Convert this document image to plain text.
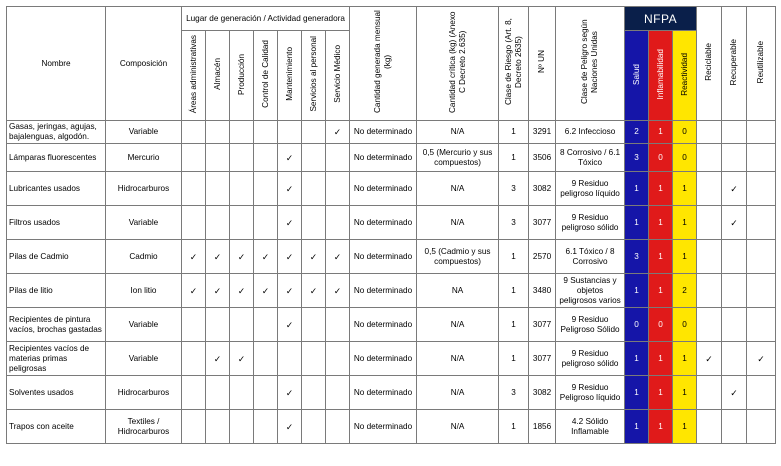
Nombre	Composición	Lugar de generación / Actividad generadora							Cantidad generada mensual (kg)	Cantidad crítica (kg) (Anexo C Decreto 2.635)	Clase de Riesgo (Art. 8, Decreto 2635)	Nº UN	Clase de Peligro según Naciones Unidas	NFPA			Reciclable	Recuperable	Reutilizable
		Áreas administrativas	Almacén	Producción	Control de Calidad	Mantenimiento	Servicios al personal	Servicio Médico						Salud	Inflamabilidad	Reactividad			
Gasas, jeringas, agujas, bajalenguas, algodón.	Variable							✓	No determinado	N/A	1	3291	6.2 Infeccioso	2	1	0			
Lámparas fluorescentes	Mercurio					✓			No determinado	0,5 (Mercurio y sus compuestos)	1	3506	8 Corrosivo / 6.1 Tóxico	3	0	0			
Lubricantes usados	Hidrocarburos					✓			No determinado	N/A	3	3082	9 Residuo peligroso líquido	1	1	1		✓	
Filtros usados	Variable					✓			No determinado	N/A	3	3077	9 Residuo peligroso sólido	1	1	1		✓	
Pilas de Cadmio	Cadmio	✓	✓	✓	✓	✓	✓	✓	No determinado	0,5 (Cadmio y sus compuestos)	1	2570	6.1 Tóxico / 8 Corrosivo	3	1	1			
Pilas de litio	Ion litio	✓	✓	✓	✓	✓	✓	✓	No determinado	NA	1	3480	9 Sustancias y objetos peligrosos varios	1	1	2			
Recipientes de pintura vacíos, brochas gastadas	Variable					✓			No determinado	N/A	1	3077	9 Residuo Peligroso Sólido	0	0	0			
Recipientes vacíos de materias primas peligrosas	Variable		✓	✓					No determinado	N/A	1	3077	9 Residuo peligroso sólido	1	1	1	✓		✓
Solventes usados	Hidrocarburos					✓			No determinado	N/A	3	3082	9 Residuo Peligroso líquido	1	1	1		✓	
Trapos con aceite	Textiles / Hidrocarburos					✓			No determinado	N/A	1	1856	4.2 Sólido Inflamable	1	1	1			
